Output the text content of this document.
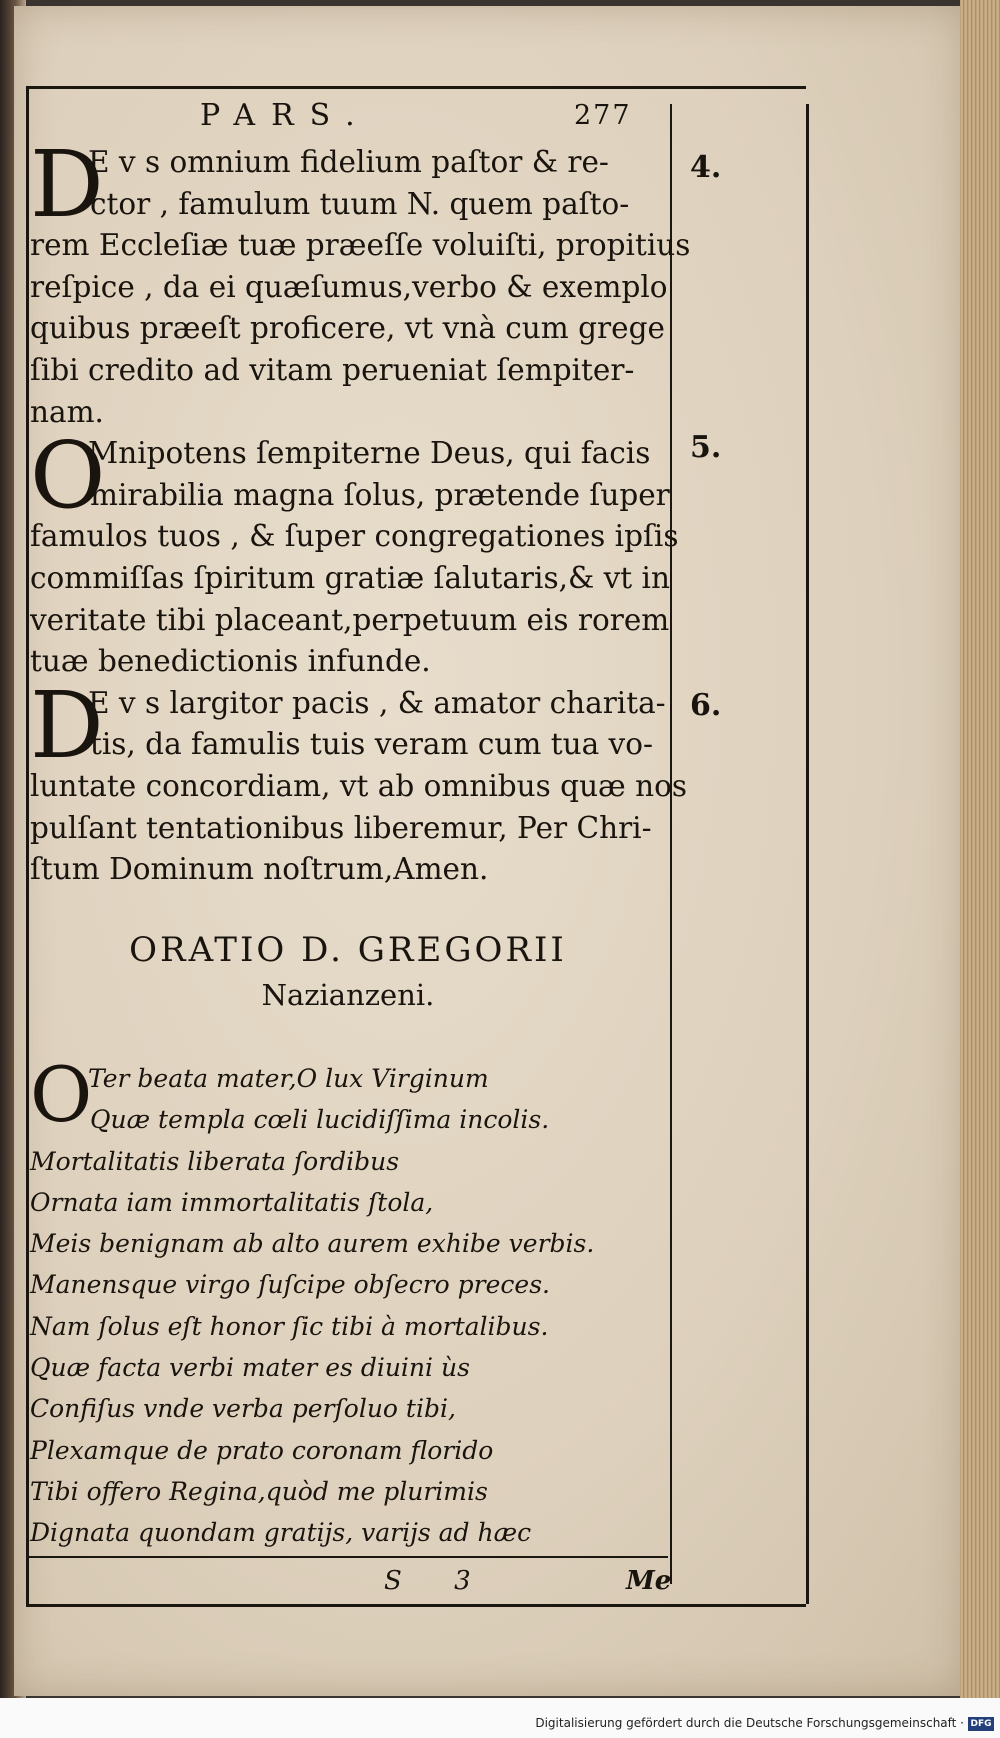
PARS.	277
D
E v s omnium fidelium paſtor & re-
ctor , famulum tuum N. quem paſto-
rem Eccleſiæ tuæ præeſſe voluiſti, propitius
reſpice , da ei quæſumus,verbo & exemplo
quibus præeſt proficere, vt vnà cum grege
ſibi credito ad vitam perueniat ſempiter-
nam.
O
Mnipotens ſempiterne Deus, qui facis
mirabilia magna ſolus, prætende ſuper
famulos tuos , & ſuper congregationes ipſis
commiſſas ſpiritum gratiæ ſalutaris,& vt in
veritate tibi placeant,perpetuum eis rorem
tuæ benedictionis infunde.
D
E v s largitor pacis , & amator charita-
tis, da famulis tuis veram cum tua vo-
luntate concordiam, vt ab omnibus quæ nos
pulſant tentationibus liberemur, Per Chri-
ſtum Dominum noſtrum,Amen.
4.
5.
6.
ORATIO D. GREGORII
Nazianzeni.
O
Ter beata mater,O lux Virginum
Quæ templa cœli lucidiſſima incolis.
Mortalitatis liberata ſordibus
Ornata iam immortalitatis ſtola,
Meis benignam ab alto aurem exhibe verbis.
Manensque virgo ſuſcipe obſecro preces.
Nam ſolus eſt honor ſic tibi à mortalibus.
Quæ facta verbi mater es diuini ùs
Confiſus vnde verba perſoluo tibi,
Plexamque de prato coronam florido
Tibi offero Regina,quòd me plurimis
Dignata quondam gratijs, varijs ad hæc
S 3	Me
Digitalisierung gefördert durch die Deutsche Forschungsgemeinschaft · DFG
